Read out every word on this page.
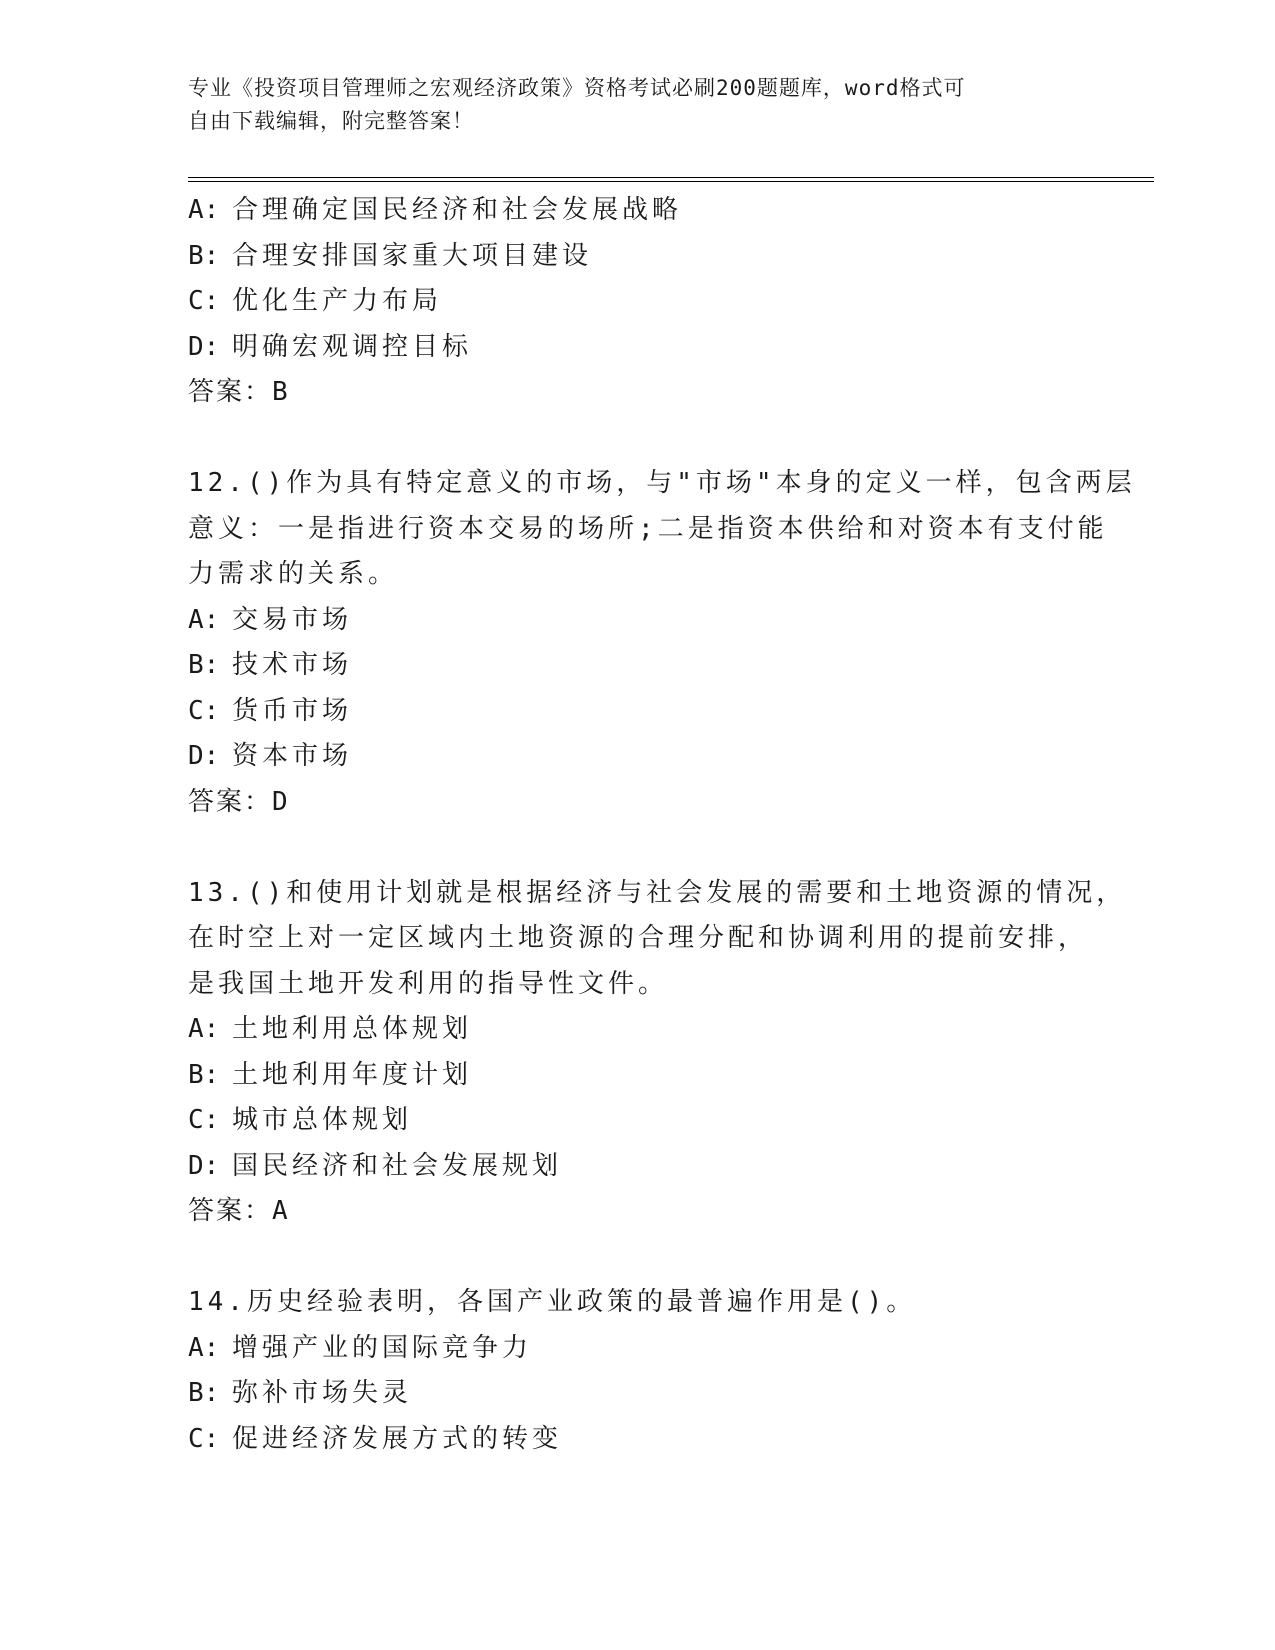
专业《投资项目管理师之宏观经济政策》资格考试必刷200题题库，word格式可
自由下载编辑，附完整答案！
A: 合理确定国民经济和社会发展战略
B: 合理安排国家重大项目建设
C: 优化生产力布局
D: 明确宏观调控目标
答案：B
12.()作为具有特定意义的市场，与"市场"本身的定义一样，包含两层
意义：一是指进行资本交易的场所;二是指资本供给和对资本有支付能
力需求的关系。
A: 交易市场
B: 技术市场
C: 货币市场
D: 资本市场
答案：D
13.()和使用计划就是根据经济与社会发展的需要和土地资源的情况，
在时空上对一定区域内土地资源的合理分配和协调利用的提前安排，
是我国土地开发利用的指导性文件。
A: 土地利用总体规划
B: 土地利用年度计划
C: 城市总体规划
D: 国民经济和社会发展规划
答案：A
14.历史经验表明，各国产业政策的最普遍作用是()。
A: 增强产业的国际竞争力
B: 弥补市场失灵
C: 促进经济发展方式的转变
